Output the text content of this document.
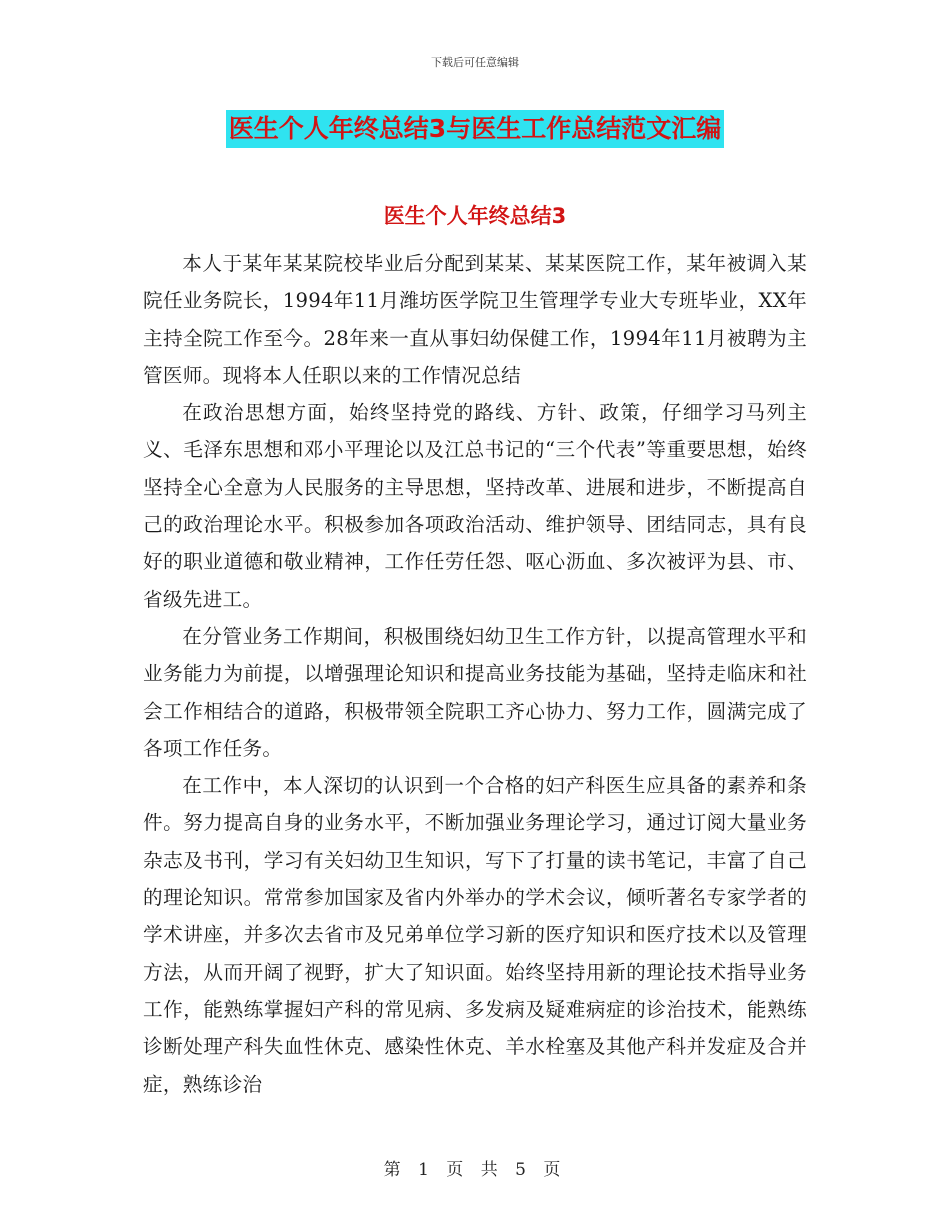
下载后可任意编辑
医生个人年终总结3与医生工作总结范文汇编
医生个人年终总结3

本人于某年某某院校毕业后分配到某某、某某医院工作，某年被调入某院任业务院长，1994年11月潍坊医学院卫生管理学专业大专班毕业，XX年主持全院工作至今。28年来一直从事妇幼保健工作，1994年11月被聘为主管医师。现将本人任职以来的工作情况总结

在政治思想方面，始终坚持党的路线、方针、政策，仔细学习马列主义、毛泽东思想和邓小平理论以及江总书记的“三个代表”等重要思想，始终坚持全心全意为人民服务的主导思想，坚持改革、进展和进步，不断提高自己的政治理论水平。积极参加各项政治活动、维护领导、团结同志，具有良好的职业道德和敬业精神，工作任劳任怨、呕心沥血、多次被评为县、市、省级先进工。

在分管业务工作期间，积极围绕妇幼卫生工作方针，以提高管理水平和业务能力为前提，以增强理论知识和提高业务技能为基础，坚持走临床和社会工作相结合的道路，积极带领全院职工齐心协力、努力工作，圆满完成了各项工作任务。

在工作中，本人深切的认识到一个合格的妇产科医生应具备的素养和条件。努力提高自身的业务水平，不断加强业务理论学习，通过订阅大量业务杂志及书刊，学习有关妇幼卫生知识，写下了打量的读书笔记，丰富了自己的理论知识。常常参加国家及省内外举办的学术会议，倾听著名专家学者的学术讲座，并多次去省市及兄弟单位学习新的医疗知识和医疗技术以及管理方法，从而开阔了视野，扩大了知识面。始终坚持用新的理论技术指导业务工作，能熟练掌握妇产科的常见病、多发病及疑难病症的诊治技术，能熟练诊断处理产科失血性休克、感染性休克、羊水栓塞及其他产科并发症及合并症，熟练诊治

第 1 页 共 5 页
